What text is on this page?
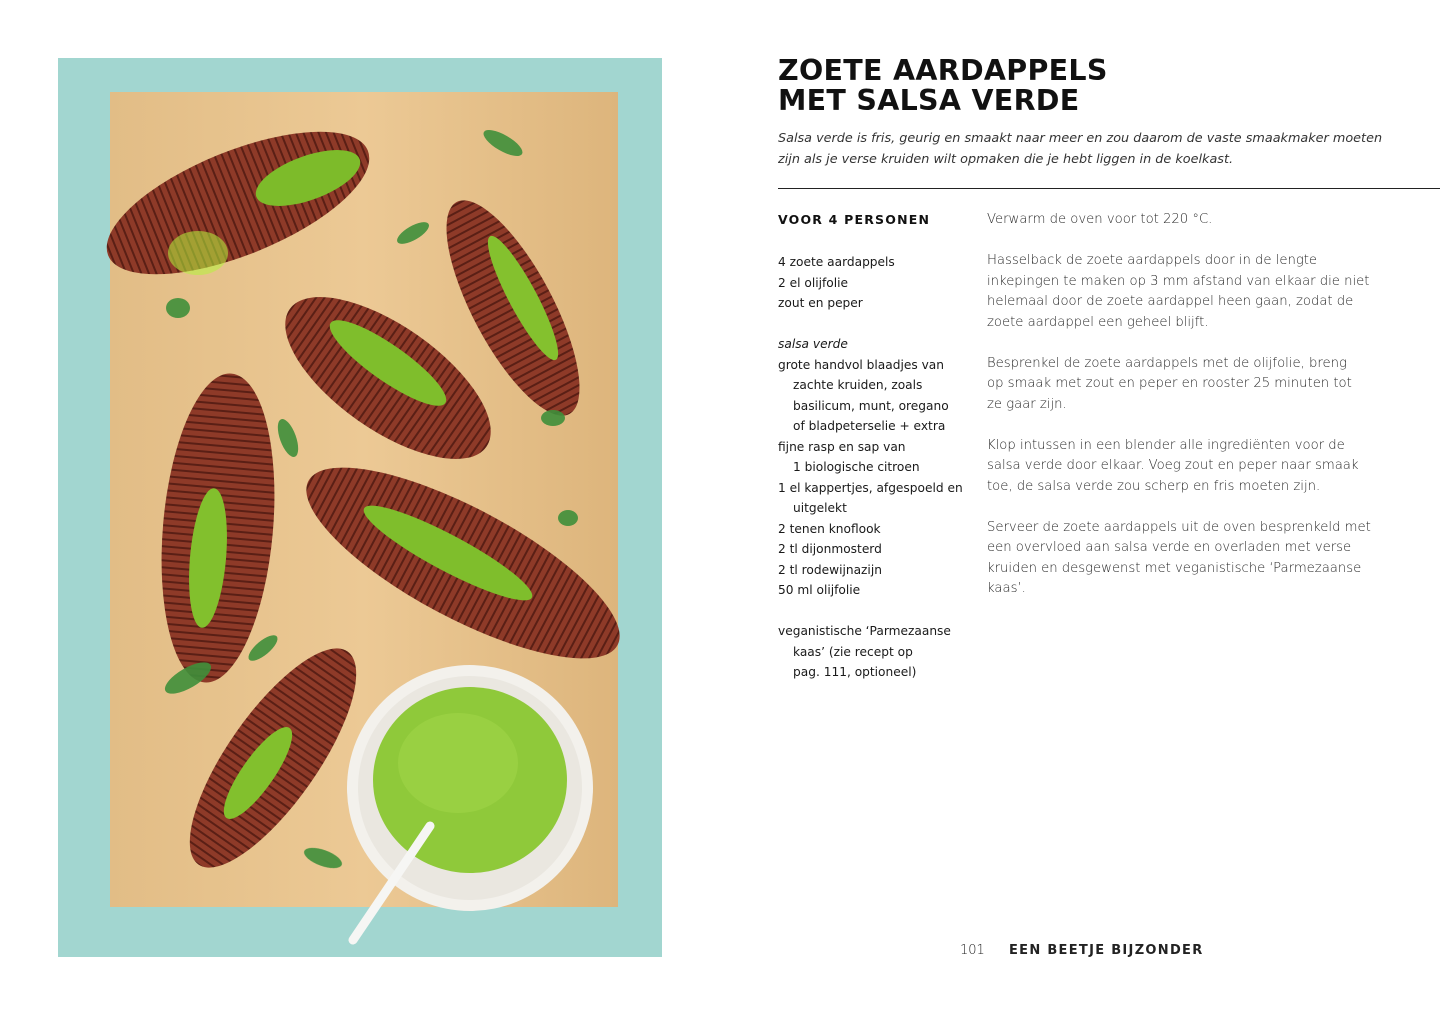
ZOETE AARDAPPELS
MET SALSA VERDE

Salsa verde is fris, geurig en smaakt naar meer en zou daarom de vaste smaakmaker moeten
zijn als je verse kruiden wilt opmaken die je hebt liggen in de koelkast.

VOOR 4 PERSONEN
4 zoete aardappels
2 el olijfolie
zout en peper
salsa verde
grote handvol blaadjes van
zachte kruiden, zoals
basilicum, munt, oregano
of bladpeterselie + extra
fijne rasp en sap van
1 biologische citroen
1 el kappertjes, afgespoeld en
uitgelekt
2 tenen knoflook
2 tl dijonmosterd
2 tl rodewijnazijn
50 ml olijfolie
veganistische ‘Parmezaanse
kaas’ (zie recept op
pag. 111, optioneel)

Verwarm de oven voor tot 220 °C.

Hasselback de zoete aardappels door in de lengte
inkepingen te maken op 3 mm afstand van elkaar die niet
helemaal door de zoete aardappel heen gaan, zodat de
zoete aardappel een geheel blijft.

Besprenkel de zoete aardappels met de olijfolie, breng
op smaak met zout en peper en rooster 25 minuten tot
ze gaar zijn.

Klop intussen in een blender alle ingrediënten voor de
salsa verde door elkaar. Voeg zout en peper naar smaak
toe, de salsa verde zou scherp en fris moeten zijn.

Serveer de zoete aardappels uit de oven besprenkeld met
een overvloed aan salsa verde en overladen met verse
kruiden en desgewenst met veganistische ‘Parmezaanse
kaas’.

101 EEN BEETJE BIJZONDER
